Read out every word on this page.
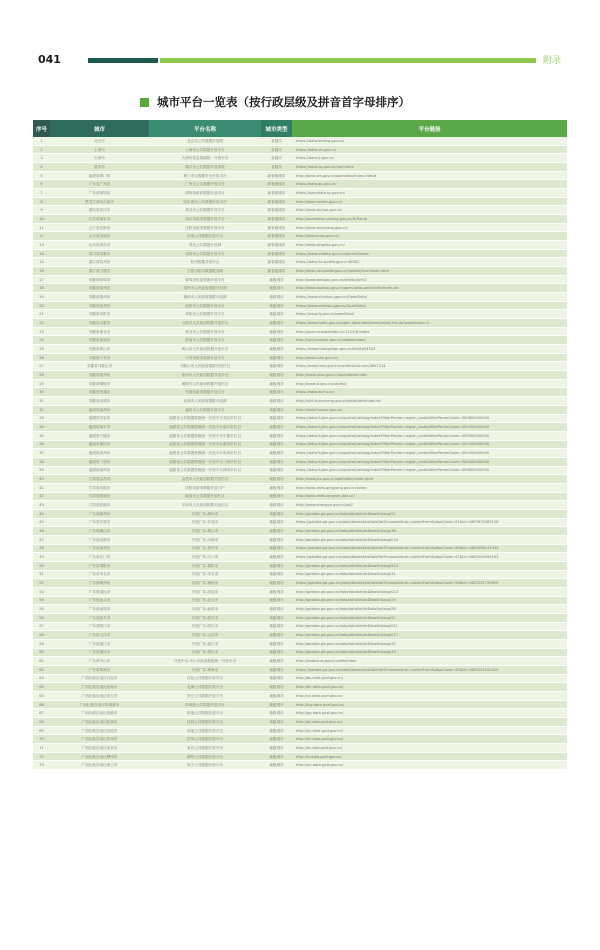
041	附录
城市平台一览表（按行政层级及拼音首字母排序）
序号	城市	平台名称	城市类型	平台链接
1	北京市	北京市公共数据开放网	直辖市	https://data.beijing.gov.cn/
2	上海市	上海市公共数据开放平台	直辖市	https://data.sh.gov.cn/
3	天津市	天津市信息资源统一开放平台	直辖市	https://data.tj.gov.cn/
4	重庆市	重庆市公共数据开放系统	直辖市	https://data.cq.gov.cn/rop/home
5	福建省厦门市	厦门市大数据安全开放平台	副省级城市	http://data.xm.gov.cn/opendata/index.html#
6	广东省广州市	广州市公共数据开放平台	副省级城市	https://data.gz.gov.cn/
7	广东省深圳市	深圳市政府数据开放平台	副省级城市	https://opendata.sz.gov.cn/
8	黑龙江省哈尔滨市	哈尔滨市公共数据开放平台	副省级城市	http://data.harbin.gov.cn/
9	湖北省武汉市	武汉市公共数据开放平台	副省级城市	http://data.wuhan.gov.cn/
10	江苏省南京市	南京市政务数据开放平台	副省级城市	http://opendata.nanjing.gov.cn/#/home
11	辽宁省沈阳市	沈阳市政务数据开放平台	副省级城市	http://data.shenyang.gov.cn/
12	山东省济南市	济南公共数据开放平台	副省级城市	http://data.jinan.gov.cn/
13	山东省青岛市	青岛公共数据开放网	副省级城市	http://data.qingdao.gov.cn/
14	四川省成都市	成都市公共数据开放平台	副省级城市	https://www.cddata.gov.cn/oportal/index
15	浙江省杭州市	杭州数据开放平台	副省级城市	https://data.hz.zjzwfw.gov.cn:8082/
16	浙江省宁波市	宁波市政务数据服务网	副省级城市	http://data.nb.zjzwfw.gov.cn/nbdata/fore/index.html
17	安徽省蚌埠市	蚌埠市信息资源开放平台	地级城市	http://www.bengbu.gov.cn/site/tpl/4901
18	安徽省亳州市	亳州市人民政府数据开放网	地级城市	http://www.bozhou.gov.cn/open-data-web/index/index.do
19	安徽省滁州市	滁州市人民政府数据开放网	地级城市	https://www.chuzhou.gov.cn/OpenData/
20	安徽省池州市	池州市公共数据开放平台	地级城市	https://www.chizhou.gov.cn/OpenData/
21	安徽省阜阳市	阜阳市公共数据开放平台	地级城市	https://www.fy.gov.cn/openData/
22	安徽省合肥市	合肥市人民政府数据开放平台	地级城市	https://www.hefei.gov.cn/open-data-web/index/index-hfs.do?pageIndex=1
23	安徽省淮北市	淮北市公共数据开放平台	地级城市	http://open.huaibeidata.cn:1123/#/index
24	安徽省淮南市	淮南市公共数据开放平台	地级城市	http://sjzj.huainan.gov.cn/odweb/index
25	安徽省黄山市	黄山市人民政府数据开放平台	地级城市	https://www.huangshan.gov.cn/site/tpl/4353
26	安徽省六安市	六安市政务资源开放平台	地级城市	http://data.luan.gov.cn/
27	安徽省马鞍山市	马鞍山市人民政府数据开放栏目	地级城市	https://www.mas.gov.cn/content/column/4697314
28	安徽省宿州市	宿州市人民政府数据开放平台	地级城市	http://www.ahsz.gov.cn/opendata/index
29	安徽省铜陵市	铜陵市人民政府数据开放栏目	地级城市	http://www.tl.gov.cn/site/tpl/
30	安徽省芜湖市	芜湖市政务数据开放平台	地级城市	https://data.wuhu.cn/
31	安徽省宣城市	宣城市人民政府数据开放网	地级城市	http://sjkf.xuancheng.gov.cn/data/dev/index.do
32	福建省福州市	福州市公共数据开放平台	地级城市	http://data.fuzhou.gov.cn/
33	福建省龙岩市	福建省公共数据资源统一开放平台龙岩市栏目	地级城市	https://data.fujian.gov.cn/oportal/catalog/index?filterParam=region_code&filterParamCode=350800000000
34	福建省南平市	福建省公共数据资源统一开放平台南平市栏目	地级城市	https://data.fujian.gov.cn/oportal/catalog/index?filterParam=region_code&filterParamCode=350700000000
35	福建省宁德市	福建省公共数据资源统一开放平台宁德市栏目	地级城市	https://data.fujian.gov.cn/oportal/catalog/index?filterParam=region_code&filterParamCode=350900000000
36	福建省莆田市	福建省公共数据资源统一开放平台莆田市栏目	地级城市	https://data.fujian.gov.cn/oportal/catalog/index?filterParam=region_code&filterParamCode=350300000000
37	福建省泉州市	福建省公共数据资源统一开放平台泉州市栏目	地级城市	https://data.fujian.gov.cn/oportal/catalog/index?filterParam=region_code&filterParamCode=350500000000
38	福建省三明市	福建省公共数据资源统一开放平台三明市栏目	地级城市	https://data.fujian.gov.cn/oportal/catalog/index?filterParam=region_code&filterParamCode=350400000000
39	福建省漳州市	福建省公共数据资源统一开放平台漳州市栏目	地级城市	https://data.fujian.gov.cn/oportal/catalog/index?filterParam=region_code&filterParamCode=350600000000
40	甘肃省金昌市	金昌市人民政府数据开放栏目	地级城市	http://www.jcs.gov.cn/opendata/index.html
41	甘肃省庆阳市	庆阳市政务数据开放门户	地级城市	http://data.zwfw.qingyang.gov.cn/index
42	甘肃省陇南市	陇南市公共数据开放栏目	地级城市	http://data.zwfw.longnan.gov.cn/
43	甘肃省张掖市	平凉市人民政府数据开放栏目	地级城市	http://www.zhangye.gov.cn/opl/
44	广东省潮州市	开放广东-潮州市	地级城市	http://gddata.gd.gov.cn/data/dataSet/toDataSet/app/51
45	广东省东莞市	开放广东-东莞市	地级城市	https://gddata.gd.gov.cn/data/dataset/toDataSet?chooseValue=collectForm&deptCode=51&id=1687676369126
46	广东省佛山市	开放广东-佛山市	地级城市	http://gddata.gd.gov.cn/data/dataSet/toDataSet/app/36
47	广东省河源市	开放广东-河源市	地级城市	http://gddata.gd.gov.cn/data/dataSet/toDataSet/app/010
48	广东省惠州市	开放广东-惠州市	地级城市	https://gddata.gd.gov.cn/data/dataset/toDataSet?chooseValue=collectForm&deptCode=50&id=1663136141933
49	广东省江门市	开放广东-江门市	地级城市	https://gddata.gd.gov.cn/data/dataset/toDataSet?chooseValue=collectForm&deptCode=47&id=1663126595163
50	广东省揭阳市	开放广东-揭阳市	地级城市	http://gddata.gd.gov.cn/data/dataSet/toDataSet/app/510
51	广东省茂名市	开放广东-茂名市	地级城市	http://gddata.gd.gov.cn/data/dataSet/toDataSet/app/31
52	广东省梅州市	开放广东-梅州市	地级城市	https://gddata.gd.gov.cn/data/dataset/toDataSet?chooseValue=collectForm&deptCode=56&id=1663132739629
53	广东省清远市	开放广东-清远市	地级城市	http://gddata.gd.gov.cn/data/dataSet/toDataSet/app/013
54	广东省汕头市	开放广东-汕头市	地级城市	http://gddata.gd.gov.cn/data/dataSet/toDataSet/app/29
55	广东省汕尾市	开放广东-汕尾市	地级城市	http://gddata.gd.gov.cn/data/dataSet/toDataSet/app/59
56	广东省韶关市	开放广东-韶关市	地级城市	http://gddata.gd.gov.cn/data/dataSet/toDataSet/app/57
57	广东省阳江市	开放广东-阳江市	地级城市	http://gddata.gd.gov.cn/data/dataSet/toDataSet/app/011
58	广东省云浮市	开放广东-云浮市	地级城市	http://gddata.gd.gov.cn/data/dataSet/toDataSet/app/017
59	广东省湛江市	开放广东-湛江市	地级城市	http://gddata.gd.gov.cn/data/dataSet/toDataSet/app/32
60	广东省肇庆市	开放广东-肇庆市	地级城市	http://gddata.gd.gov.cn/data/dataSet/toDataSet/app/19
61	广东省中山市	开放中山-中山市政府数据统一开放平台	地级城市	http://zsdata.zs.gov.cn/web/index
62	广东省珠海市	开放广东-珠海市	地级城市	https://gddata.gd.gov.cn/data/dataset/toDataSet?chooseValue=collectForm&deptCode=40&id=1663134292025
63	广西壮族自治区百色市	百色公共数据开放平台	地级城市	http://bs.data.gxzf.gov.cn/
64	广西壮族自治区北海市	北海公共数据开放平台	地级城市	http://bh.data.gxzf.gov.cn/
65	广西壮族自治区崇左市	崇左公共数据开放平台	地级城市	http://cz.data.gxzf.gov.cn/
66	广西壮族自治区防城港市	防城港公共数据开放平台	地级城市	http://fcg.data.gxzf.gov.cn/
67	广西壮族自治区贵港市	贵港公共数据开放平台	地级城市	http://gg.data.gxzf.gov.cn/
68	广西壮族自治区桂林市	桂林公共数据开放平台	地级城市	http://gl.data.gxzf.gov.cn/
69	广西壮族自治区河池市	河池公共数据开放平台	地级城市	http://hc.data.gxzf.gov.cn/
70	广西壮族自治区贺州市	贺州公共数据开放平台	地级城市	http://hz.data.gxzf.gov.cn/
71	广西壮族自治区来宾市	来宾公共数据开放平台	地级城市	http://lb.data.gxzf.gov.cn/
72	广西壮族自治区柳州市	柳州公共数据开放平台	地级城市	http://lz.data.gxzf.gov.cn/
73	广西壮族自治区南宁市	南宁公共数据开放平台	地级城市	http://nn.data.gxzf.gov.cn/
